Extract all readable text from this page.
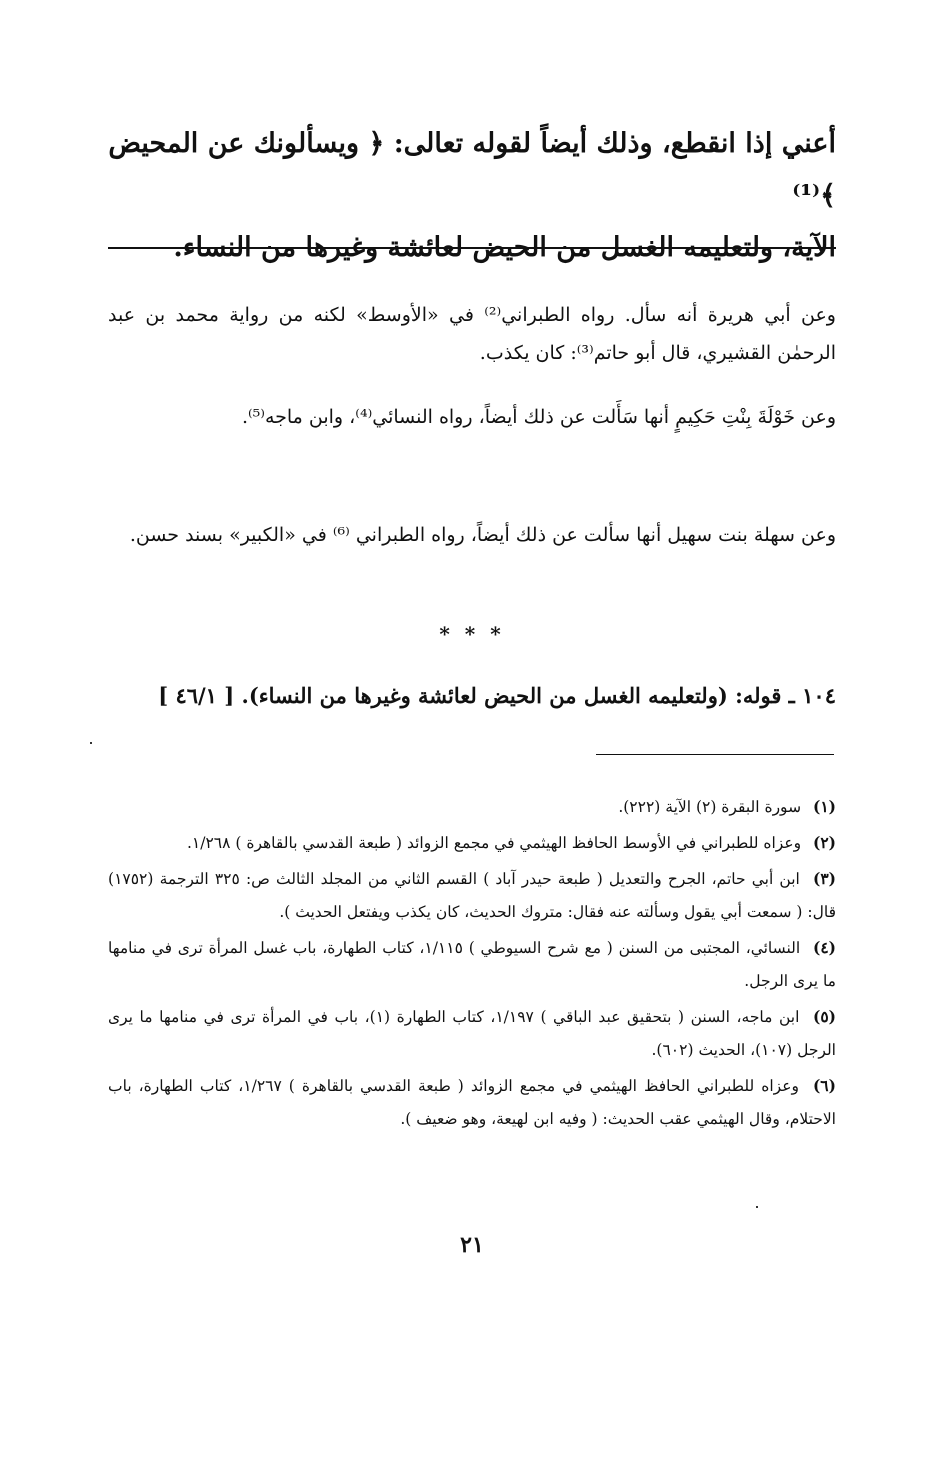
أعني إذا انقطع، وذلك أيضاً لقوله تعالى: ﴿ ويسألونك عن المحيض ﴾⁽¹⁾
الآية، ولتعليمه الغسل من الحيض لعائشة وغيرها من النساء.
وعن أبي هريرة أنه سأل. رواه الطبراني⁽²⁾ في «الأوسط» لكنه من رواية محمد بن عبد الرحمٰن القشيري، قال أبو حاتم⁽³⁾: كان يكذب.
وعن خَوْلَةَ بِنْتِ حَكِيمٍ أنها سَأَلت عن ذلك أيضاً، رواه النسائي⁽⁴⁾، وابن ماجه⁽⁵⁾.
وعن سهلة بنت سهيل أنها سألت عن ذلك أيضاً، رواه الطبراني ⁽⁶⁾ في «الكبير» بسند حسن.
* * *
١٠٤ ـ قوله: (ولتعليمه الغسل من الحيض لعائشة وغيرها من النساء). [ ٤٦/١ ]
(١) سورة البقرة (٢) الآية (٢٢٢).
(٢) وعزاه للطبراني في الأوسط الحافظ الهيثمي في مجمع الزوائد ( طبعة القدسي بالقاهرة ) ١/٢٦٨.
(٣) ابن أبي حاتم، الجرح والتعديل ( طبعة حيدر آباد ) القسم الثاني من المجلد الثالث ص: ٣٢٥ الترجمة (١٧٥٢) قال: ( سمعت أبي يقول وسألته عنه فقال: متروك الحديث، كان يكذب ويفتعل الحديث ).
(٤) النسائي، المجتبى من السنن ( مع شرح السيوطي ) ١/١١٥، كتاب الطهارة، باب غسل المرأة ترى في منامها ما يرى الرجل.
(٥) ابن ماجه، السنن ( بتحقيق عبد الباقي ) ١/١٩٧، كتاب الطهارة (١)، باب في المرأة ترى في منامها ما يرى الرجل (١٠٧)، الحديث (٦٠٢).
(٦) وعزاه للطبراني الحافظ الهيثمي في مجمع الزوائد ( طبعة القدسي بالقاهرة ) ١/٢٦٧، كتاب الطهارة، باب الاحتلام، وقال الهيثمي عقب الحديث: ( وفيه ابن لهيعة، وهو ضعيف ).
٢١
